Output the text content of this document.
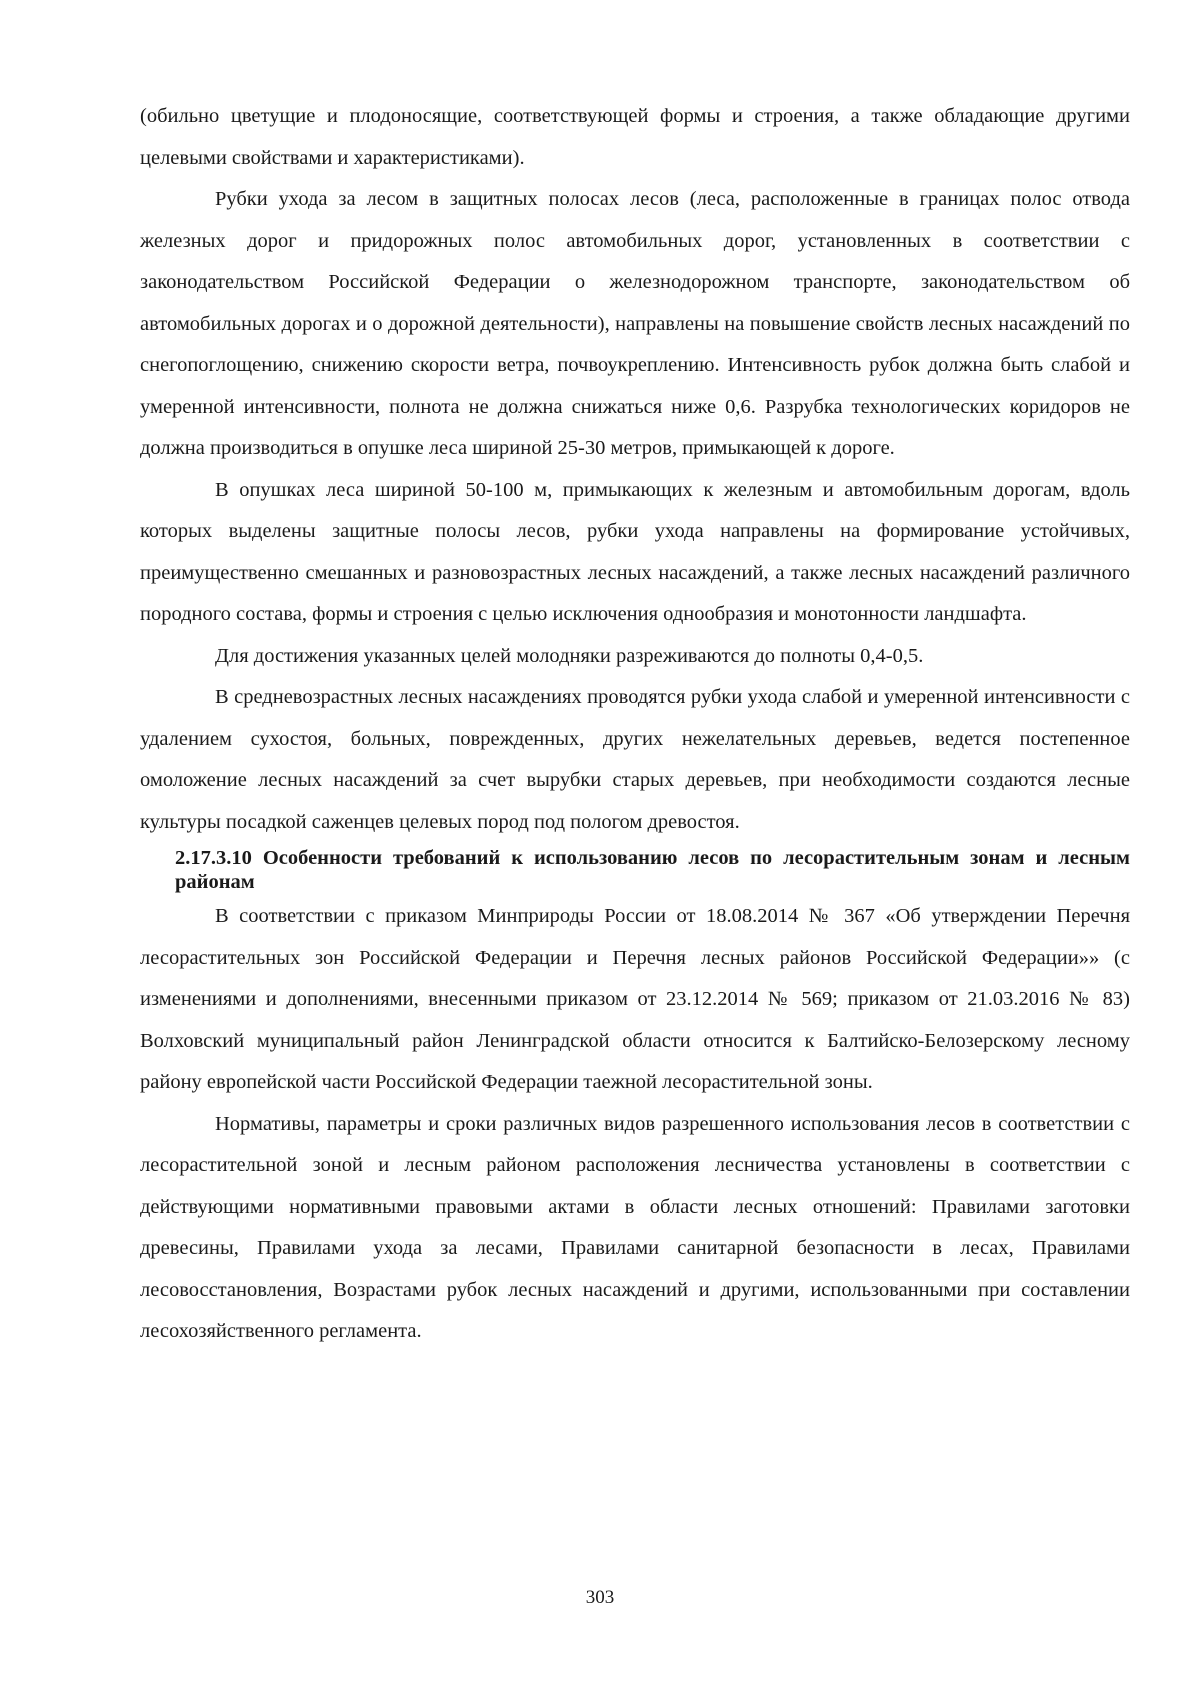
(обильно цветущие и плодоносящие, соответствующей формы и строения, а также обладающие другими целевыми свойствами и характеристиками).

Рубки ухода за лесом в защитных полосах лесов (леса, расположенные в границах полос отвода железных дорог и придорожных полос автомобильных дорог, установленных в соответствии с законодательством Российской Федерации о железнодорожном транспорте, законодательством об автомобильных дорогах и о дорожной деятельности), направлены на повышение свойств лесных насаждений по снегопоглощению, снижению скорости ветра, почвоукреплению. Интенсивность рубок должна быть слабой и умеренной интенсивности, полнота не должна снижаться ниже 0,6. Разрубка технологических коридоров не должна производиться в опушке леса шириной 25-30 метров, примыкающей к дороге.

В опушках леса шириной 50-100 м, примыкающих к железным и автомобильным дорогам, вдоль которых выделены защитные полосы лесов, рубки ухода направлены на формирование устойчивых, преимущественно смешанных и разновозрастных лесных насаждений, а также лесных насаждений различного породного состава, формы и строения с целью исключения однообразия и монотонности ландшафта.

Для достижения указанных целей молодняки разреживаются до полноты 0,4-0,5.

В средневозрастных лесных насаждениях проводятся рубки ухода слабой и умеренной интенсивности с удалением сухостоя, больных, поврежденных, других нежелательных деревьев, ведется постепенное омоложение лесных насаждений за счет вырубки старых деревьев, при необходимости создаются лесные культуры посадкой саженцев целевых пород под пологом древостоя.

2.17.3.10 Особенности требований к использованию лесов по лесорастительным зонам и лесным районам

В соответствии с приказом Минприроды России от 18.08.2014 № 367 «Об утверждении Перечня лесорастительных зон Российской Федерации и Перечня лесных районов Российской Федерации»» (с изменениями и дополнениями, внесенными приказом от 23.12.2014 № 569; приказом от 21.03.2016 № 83) Волховский муниципальный район Ленинградской области относится к Балтийско-Белозерскому лесному району европейской части Российской Федерации таежной лесорастительной зоны.

Нормативы, параметры и сроки различных видов разрешенного использования лесов в соответствии с лесорастительной зоной и лесным районом расположения лесничества установлены в соответствии с действующими нормативными правовыми актами в области лесных отношений: Правилами заготовки древесины, Правилами ухода за лесами, Правилами санитарной безопасности в лесах, Правилами лесовосстановления, Возрастами рубок лесных насаждений и другими, использованными при составлении лесохозяйственного регламента.

303
